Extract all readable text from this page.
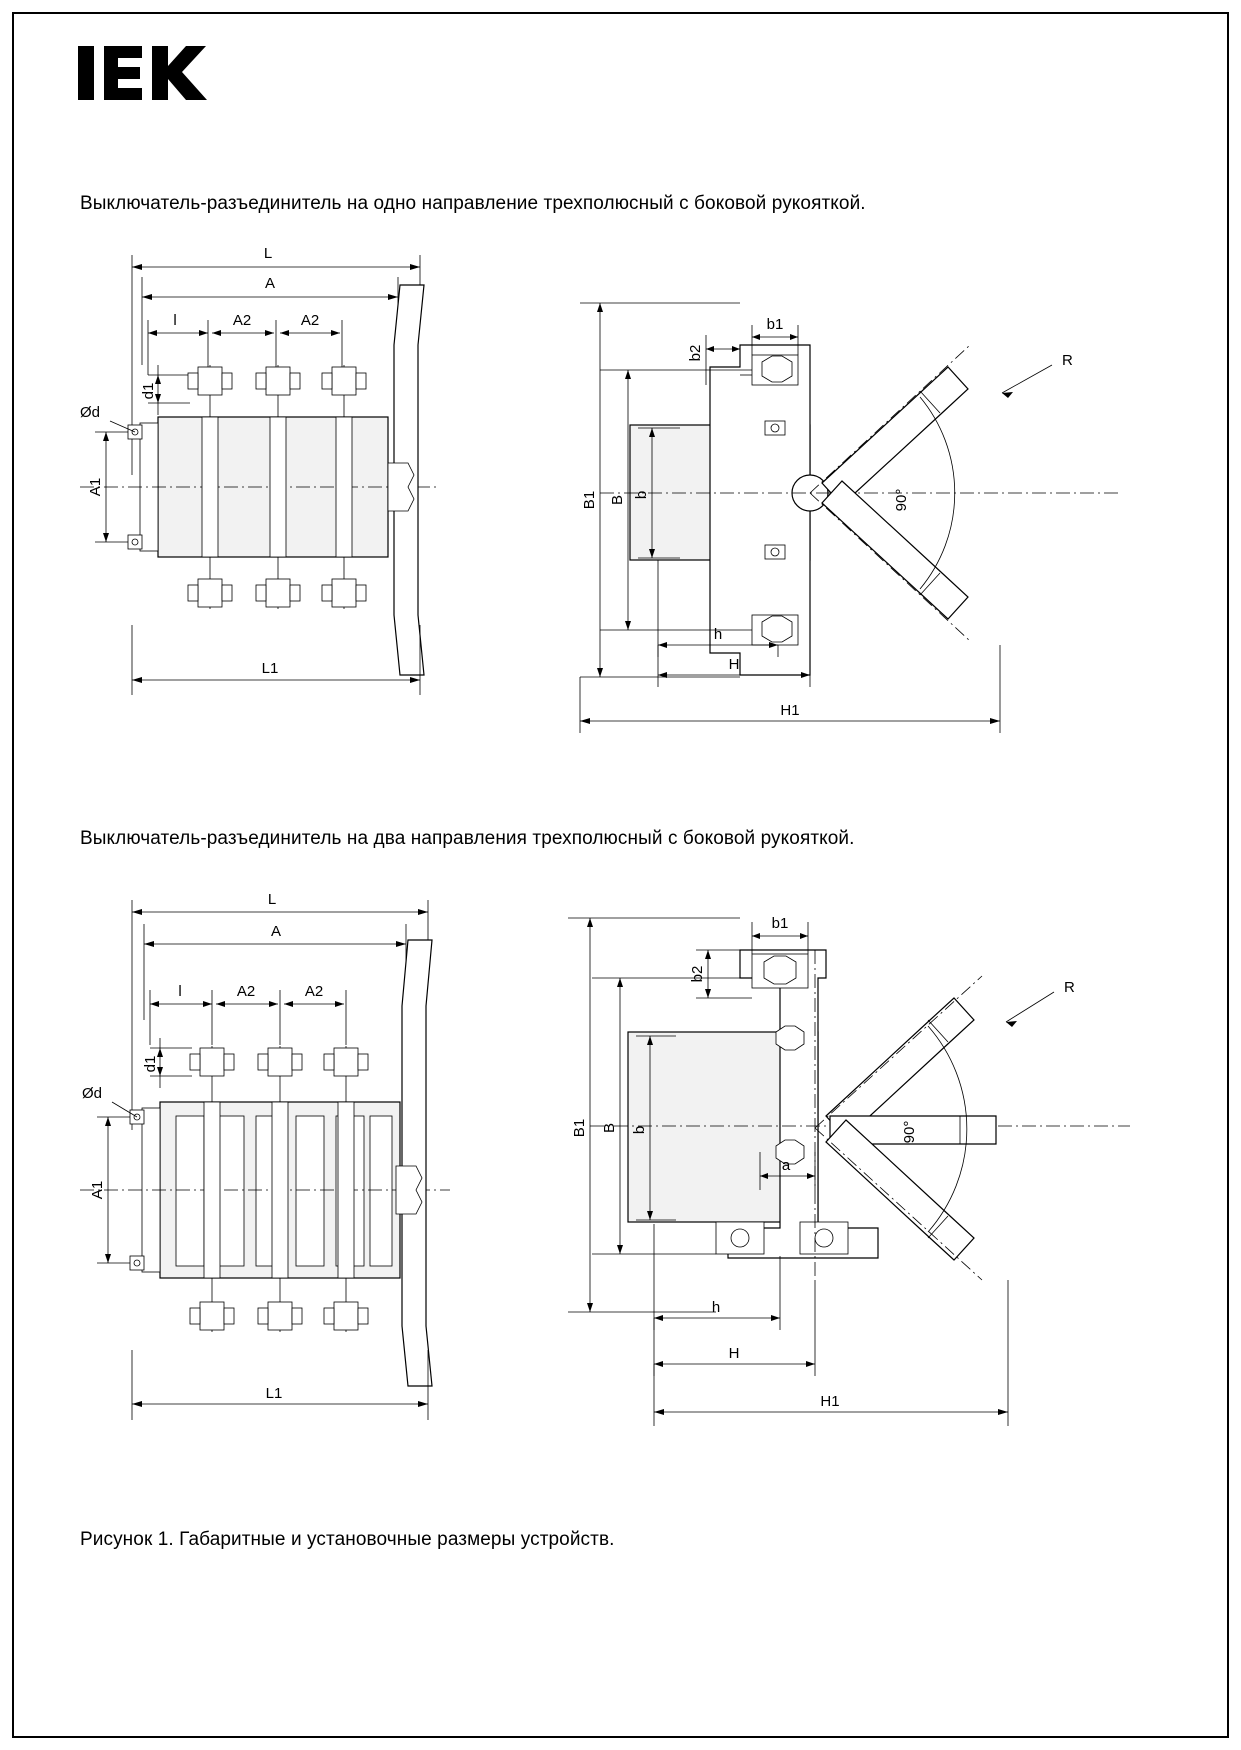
Выключатель-разъединитель на одно направление трехполюсный с боковой рукояткой.
L
A
l	A2	A2
d1
Ød
A1
L1
90°
R
b1
b2
b
B
B1
h
H
H1
Выключатель-разъединитель на два направления трехполюсный с боковой рукояткой.
L
A
l	A2	A2
d1
Ød
A1
L1
90°
R
b1
b2
b
a
B
B1
h
H
H1
Рисунок 1. Габаритные и установочные размеры устройств.
